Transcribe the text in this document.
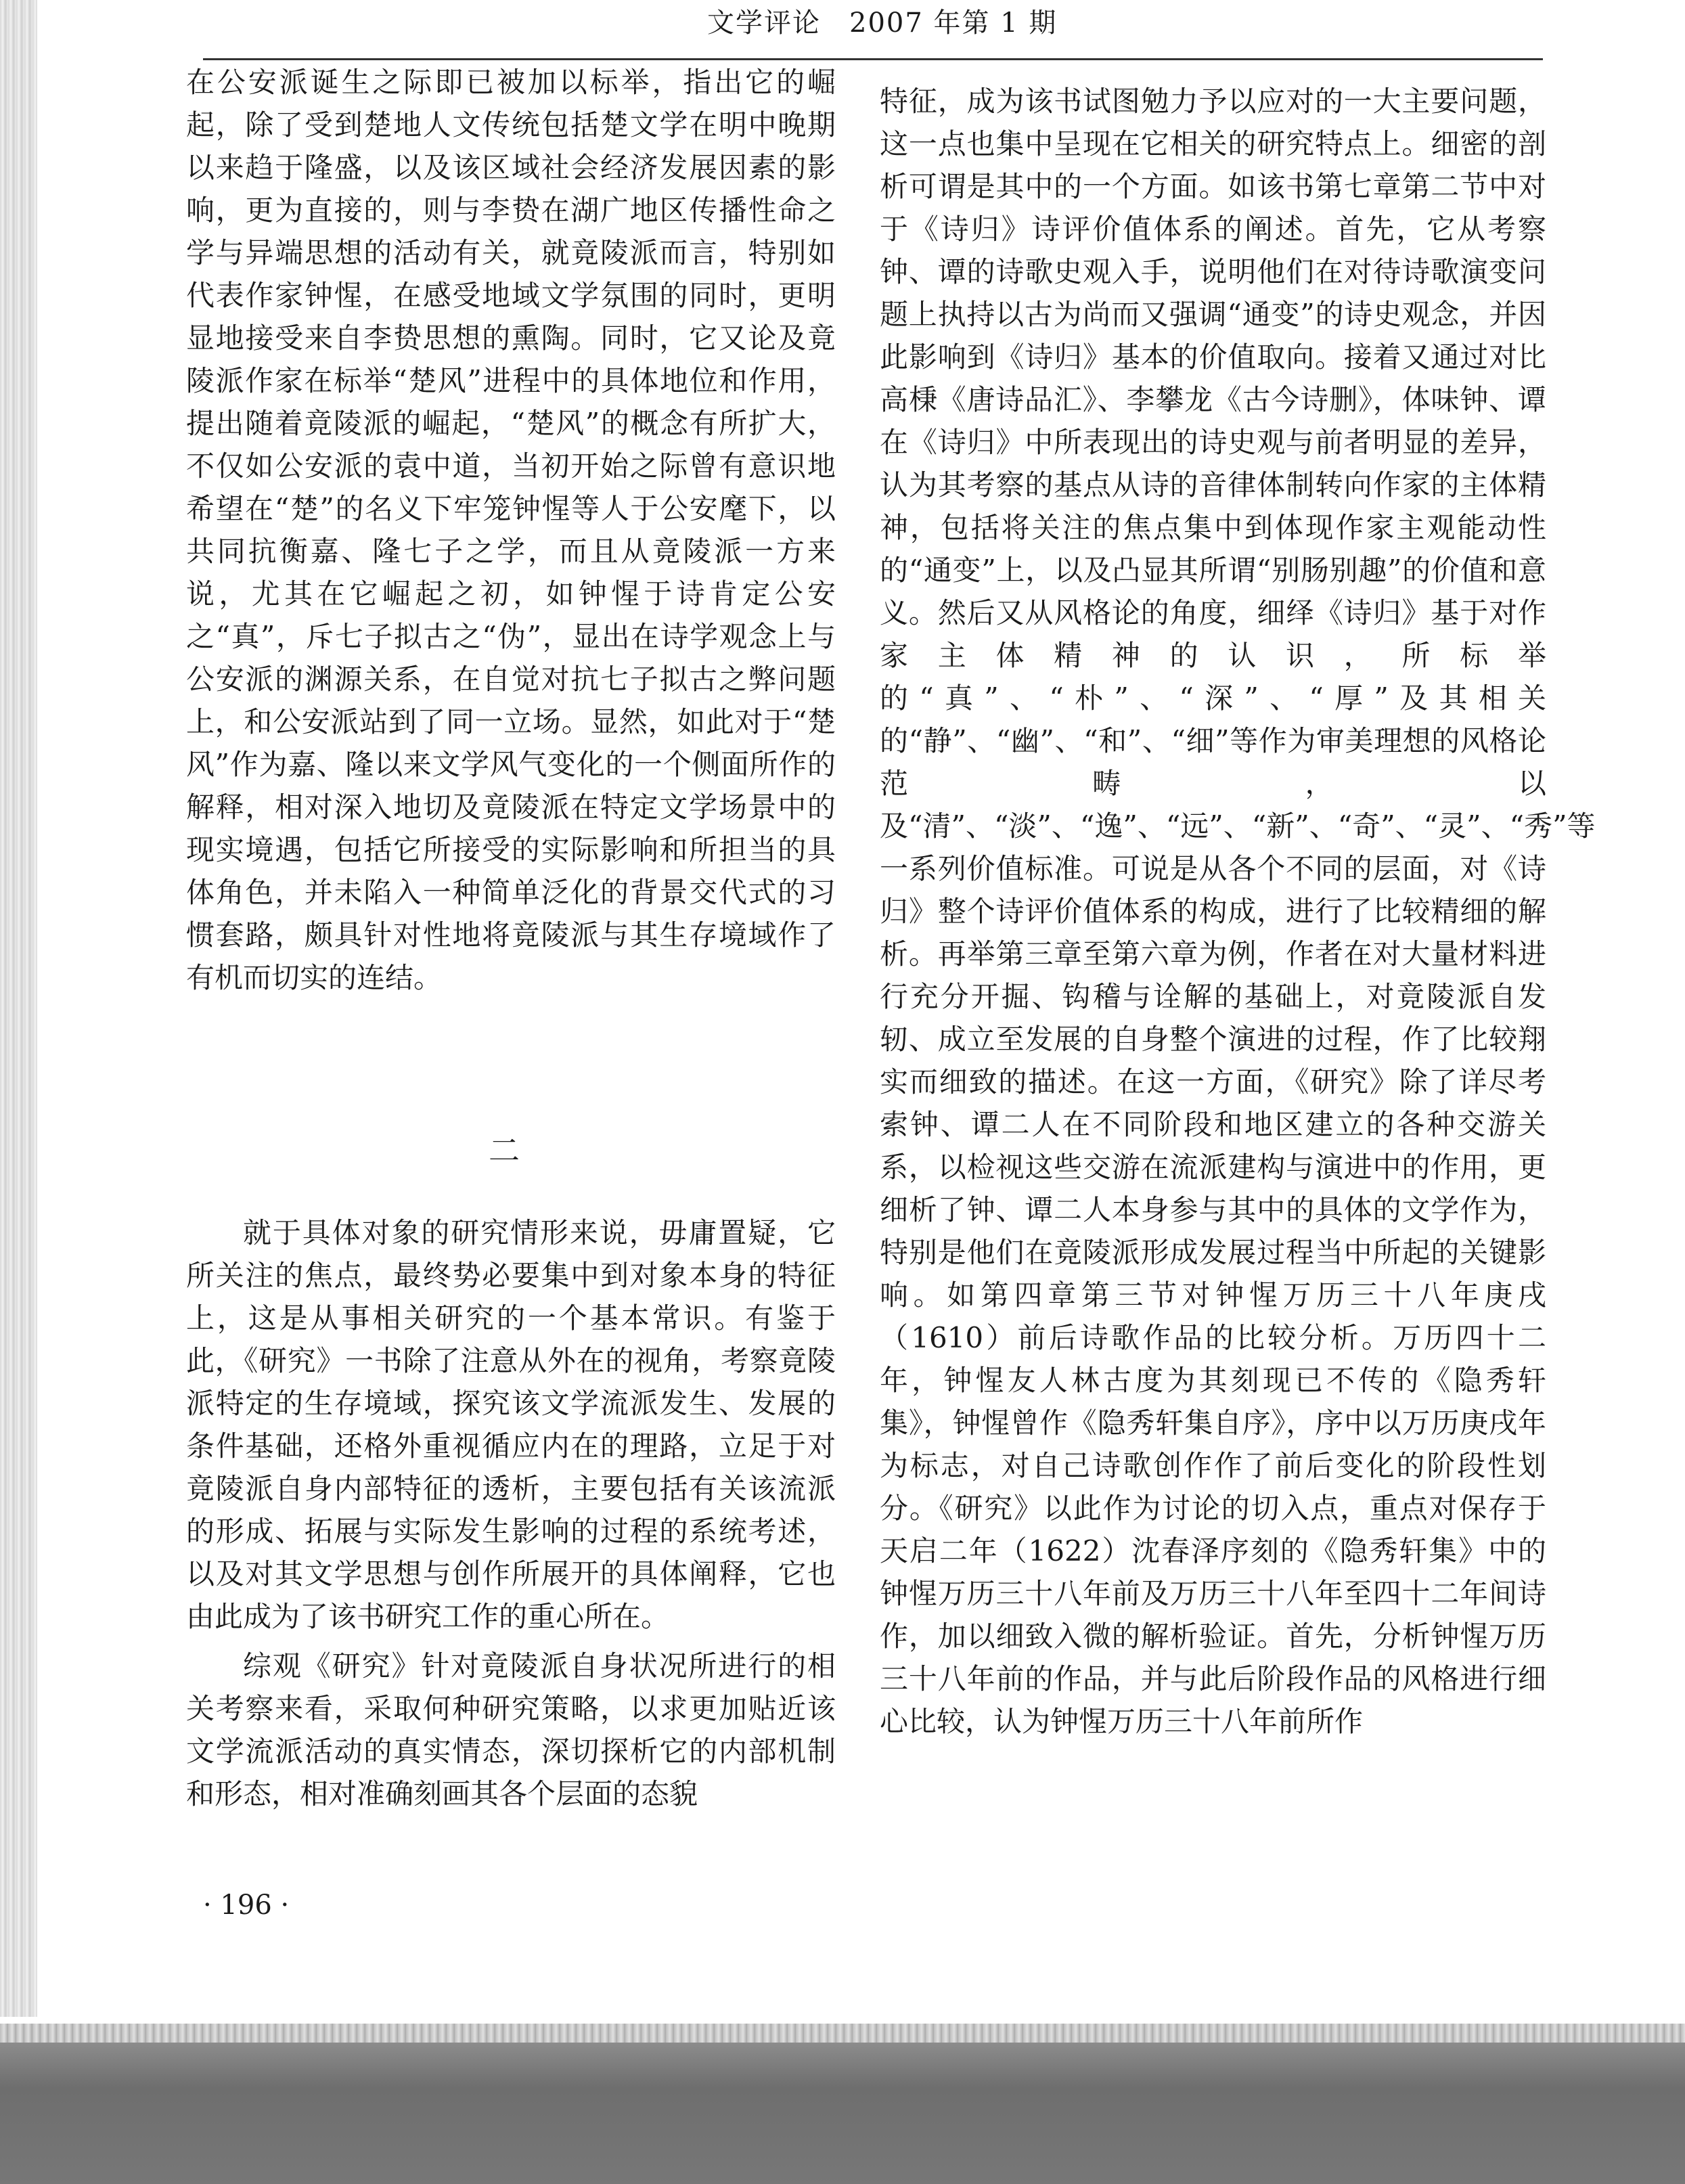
文学评论　2007 年第 1 期

在公安派诞生之际即已被加以标举，指出它的崛起，除了受到楚地人文传统包括楚文学在明中晚期以来趋于隆盛，以及该区域社会经济发展因素的影响，更为直接的，则与李贽在湖广地区传播性命之学与异端思想的活动有关，就竟陵派而言，特别如代表作家钟惺，在感受地域文学氛围的同时，更明显地接受来自李贽思想的熏陶。同时，它又论及竟陵派作家在标举“楚风”进程中的具体地位和作用，提出随着竟陵派的崛起，“楚风”的概念有所扩大，不仅如公安派的袁中道，当初开始之际曾有意识地希望在“楚”的名义下牢笼钟惺等人于公安麾下，以共同抗衡嘉、隆七子之学，而且从竟陵派一方来说，尤其在它崛起之初，如钟惺于诗肯定公安之“真”，斥七子拟古之“伪”，显出在诗学观念上与公安派的渊源关系，在自觉对抗七子拟古之弊问题上，和公安派站到了同一立场。显然，如此对于“楚风”作为嘉、隆以来文学风气变化的一个侧面所作的解释，相对深入地切及竟陵派在特定文学场景中的现实境遇，包括它所接受的实际影响和所担当的具体角色，并未陷入一种简单泛化的背景交代式的习惯套路，颇具针对性地将竟陵派与其生存境域作了有机而切实的连结。

二

就于具体对象的研究情形来说，毋庸置疑，它所关注的焦点，最终势必要集中到对象本身的特征上，这是从事相关研究的一个基本常识。有鉴于此，《研究》一书除了注意从外在的视角，考察竟陵派特定的生存境域，探究该文学流派发生、发展的条件基础，还格外重视循应内在的理路，立足于对竟陵派自身内部特征的透析，主要包括有关该流派的形成、拓展与实际发生影响的过程的系统考述，以及对其文学思想与创作所展开的具体阐释，它也由此成为了该书研究工作的重心所在。

综观《研究》针对竟陵派自身状况所进行的相关考察来看，采取何种研究策略，以求更加贴近该文学流派活动的真实情态，深切探析它的内部机制和形态，相对准确刻画其各个层面的态貌

特征，成为该书试图勉力予以应对的一大主要问题，这一点也集中呈现在它相关的研究特点上。细密的剖析可谓是其中的一个方面。如该书第七章第二节中对于《诗归》诗评价值体系的阐述。首先，它从考察钟、谭的诗歌史观入手，说明他们在对待诗歌演变问题上执持以古为尚而又强调“通变”的诗史观念，并因此影响到《诗归》基本的价值取向。接着又通过对比高棅《唐诗品汇》、李攀龙《古今诗删》，体味钟、谭在《诗归》中所表现出的诗史观与前者明显的差异，认为其考察的基点从诗的音律体制转向作家的主体精神，包括将关注的焦点集中到体现作家主观能动性的“通变”上，以及凸显其所谓“别肠别趣”的价值和意义。然后又从风格论的角度，细绎《诗归》基于对作家主体精神的认识，所标举的“真”、“朴”、“深”、“厚”及其相关的“静”、“幽”、“和”、“细”等作为审美理想的风格论范畴，以及“清”、“淡”、“逸”、“远”、“新”、“奇”、“灵”、“秀”等一系列价值标准。可说是从各个不同的层面，对《诗归》整个诗评价值体系的构成，进行了比较精细的解析。再举第三章至第六章为例，作者在对大量材料进行充分开掘、钩稽与诠解的基础上，对竟陵派自发轫、成立至发展的自身整个演进的过程，作了比较翔实而细致的描述。在这一方面，《研究》除了详尽考索钟、谭二人在不同阶段和地区建立的各种交游关系，以检视这些交游在流派建构与演进中的作用，更细析了钟、谭二人本身参与其中的具体的文学作为，特别是他们在竟陵派形成发展过程当中所起的关键影响。如第四章第三节对钟惺万历三十八年庚戌（1610）前后诗歌作品的比较分析。万历四十二年，钟惺友人林古度为其刻现已不传的《隐秀轩集》，钟惺曾作《隐秀轩集自序》，序中以万历庚戌年为标志，对自己诗歌创作作了前后变化的阶段性划分。《研究》以此作为讨论的切入点，重点对保存于天启二年（1622）沈春泽序刻的《隐秀轩集》中的钟惺万历三十八年前及万历三十八年至四十二年间诗作，加以细致入微的解析验证。首先，分析钟惺万历三十八年前的作品，并与此后阶段作品的风格进行细心比较，认为钟惺万历三十八年前所作

· 196 ·
